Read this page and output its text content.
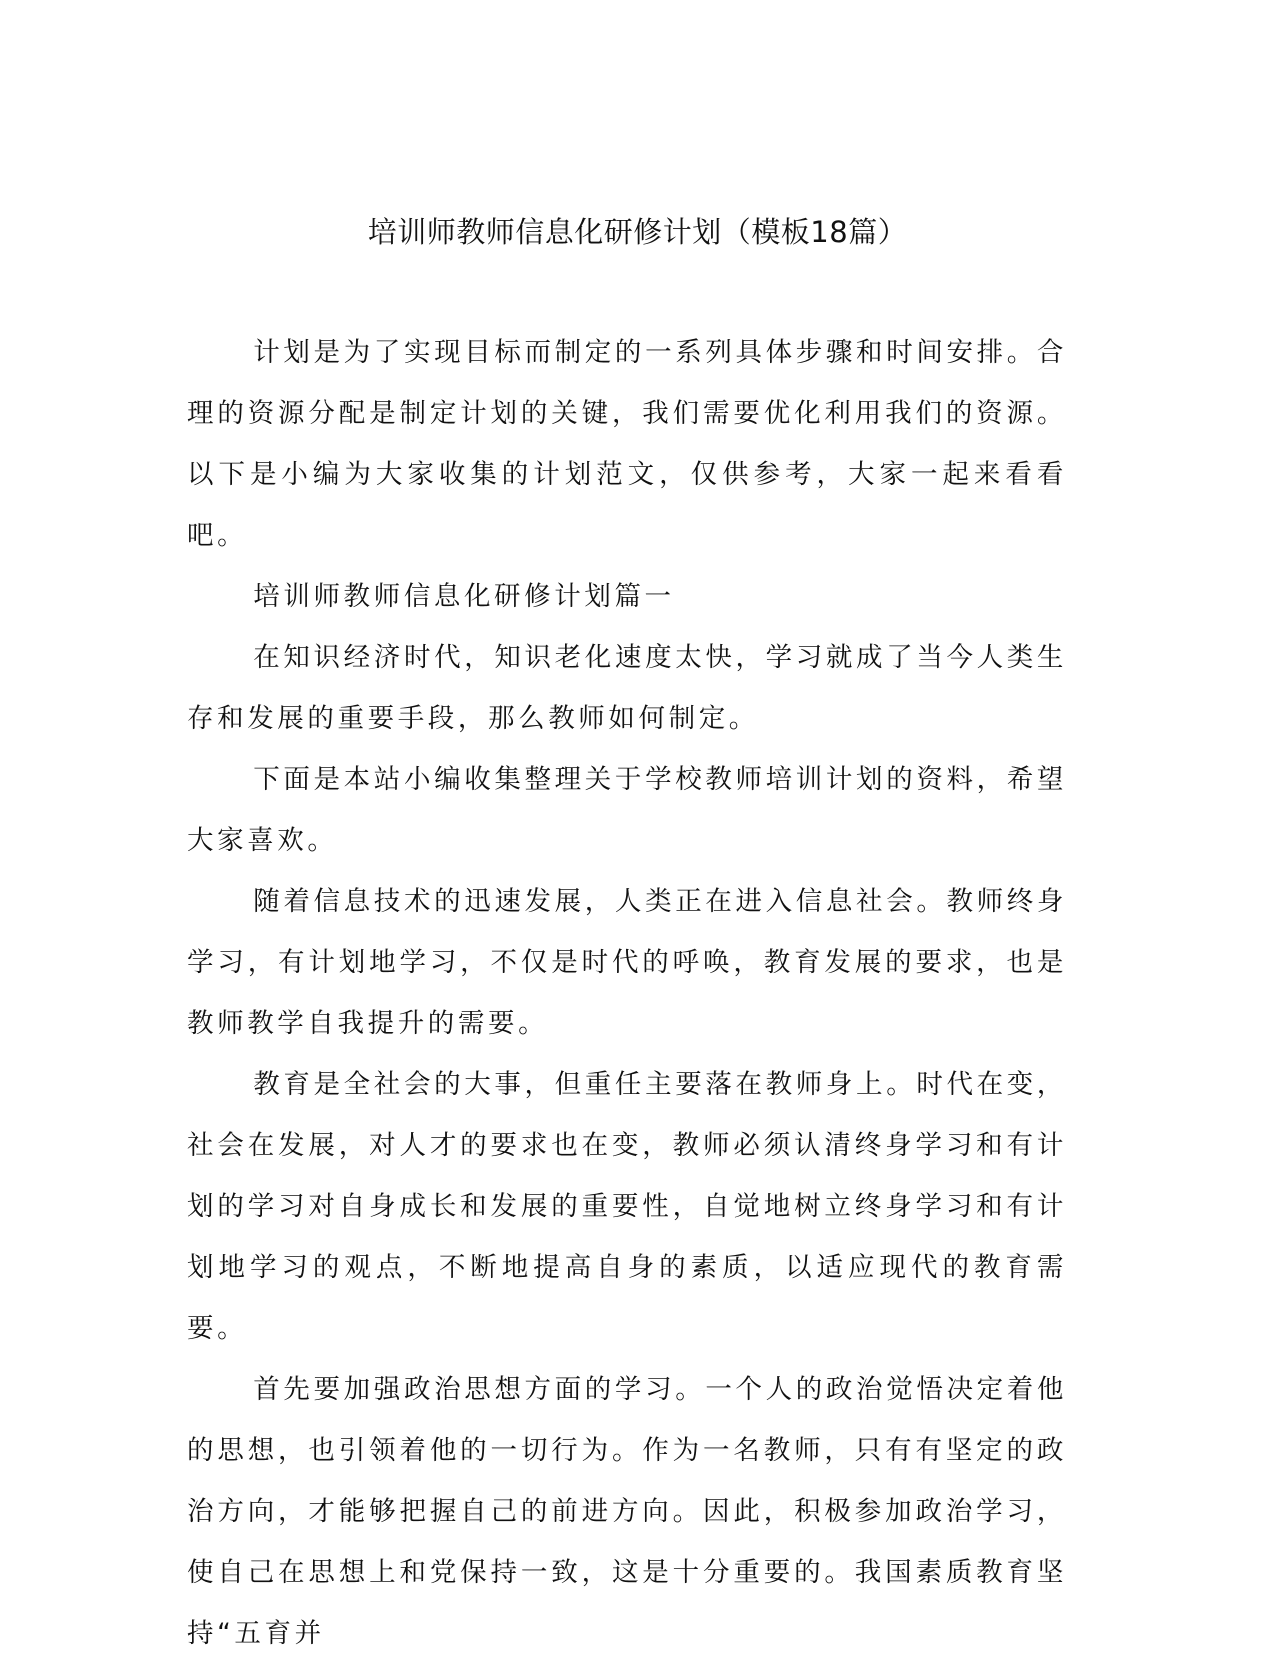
培训师教师信息化研修计划（模板18篇）

计划是为了实现目标而制定的一系列具体步骤和时间安排。合理的资源分配是制定计划的关键，我们需要优化利用我们的资源。以下是小编为大家收集的计划范文，仅供参考，大家一起来看看吧。

培训师教师信息化研修计划篇一

在知识经济时代，知识老化速度太快，学习就成了当今人类生存和发展的重要手段，那么教师如何制定。

下面是本站小编收集整理关于学校教师培训计划的资料，希望大家喜欢。

随着信息技术的迅速发展，人类正在进入信息社会。教师终身学习，有计划地学习，不仅是时代的呼唤，教育发展的要求，也是教师教学自我提升的需要。

教育是全社会的大事，但重任主要落在教师身上。时代在变，社会在发展，对人才的要求也在变，教师必须认清终身学习和有计划的学习对自身成长和发展的重要性，自觉地树立终身学习和有计划地学习的观点，不断地提高自身的素质，以适应现代的教育需要。

首先要加强政治思想方面的学习。一个人的政治觉悟决定着他的思想，也引领着他的一切行为。作为一名教师，只有有坚定的政治方向，才能够把握自己的前进方向。因此，积极参加政治学习，使自己在思想上和党保持一致，这是十分重要的。我国素质教育坚持“五育并
